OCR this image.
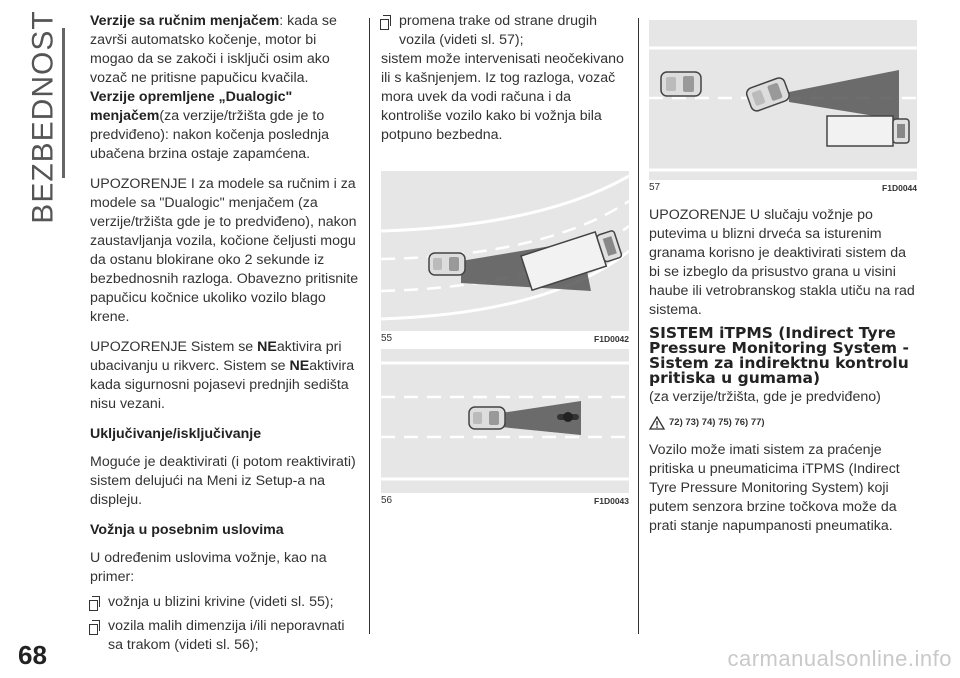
BEZBEDNOST
68	carmanualsonline.info

Verzije sa ručnim menjačem: kada se završi automatsko kočenje, motor bi mogao da se zakoči i isključi osim ako vozač ne pritisne papučicu kvačila.

Verzije opremljene „Dualogic" menjačem(za verzije/tržišta gde je to predviđeno): nakon kočenja poslednja ubačena brzina ostaje zapamćena.

UPOZORENJE I za modele sa ručnim i za modele sa "Dualogic" menjačem (za verzije/tržišta gde je to predviđeno), nakon zaustavljanja vozila, kočione čeljusti mogu da ostanu blokirane oko 2 sekunde iz bezbednosnih razloga. Obavezno pritisnite papučicu kočnice ukoliko vozilo blago krene.

UPOZORENJE Sistem se NEaktivira pri ubacivanju u rikverc. Sistem se NEaktivira kada sigurnosni pojasevi prednjih sedišta nisu vezani.

Uključivanje/isključivanje

Moguće je deaktivirati (i potom reaktivirati) sistem delujući na Meni iz Setup-a na displeju.

Vožnja u posebnim uslovima

U određenim uslovima vožnje, kao na primer:

vožnja u blizini krivine (videti sl. 55);
vozila malih dimenzija i/ili neporavnati sa trakom (videti sl. 56);
promena trake od strane drugih vozila (videti sl. 57);

sistem može intervenisati neočekivano ili s kašnjenjem. Iz tog razloga, vozač mora uvek da vodi računa i da kontroliše vozilo kako bi vožnja bila potpuno bezbedna.

55	F1D0042
56	F1D0043
57	F1D0044

UPOZORENJE U slučaju vožnje po putevima u blizni drveća sa isturenim granama korisno je deaktivirati sistem da bi se izbeglo da prisustvo grana u visini haube ili vetrobranskog stakla utiču na rad sistema.

SISTEM iTPMS (Indirect Tyre Pressure Monitoring System - Sistem za indirektnu kontrolu pritiska u gumama)

(za verzije/tržišta, gde je predviđeno)

72) 73) 74) 75) 76) 77)

Vozilo može imati sistem za praćenje pritiska u pneumaticima iTPMS (Indirect Tyre Pressure Monitoring System) koji putem senzora brzine točkova može da prati stanje napumpanosti pneumatika.
